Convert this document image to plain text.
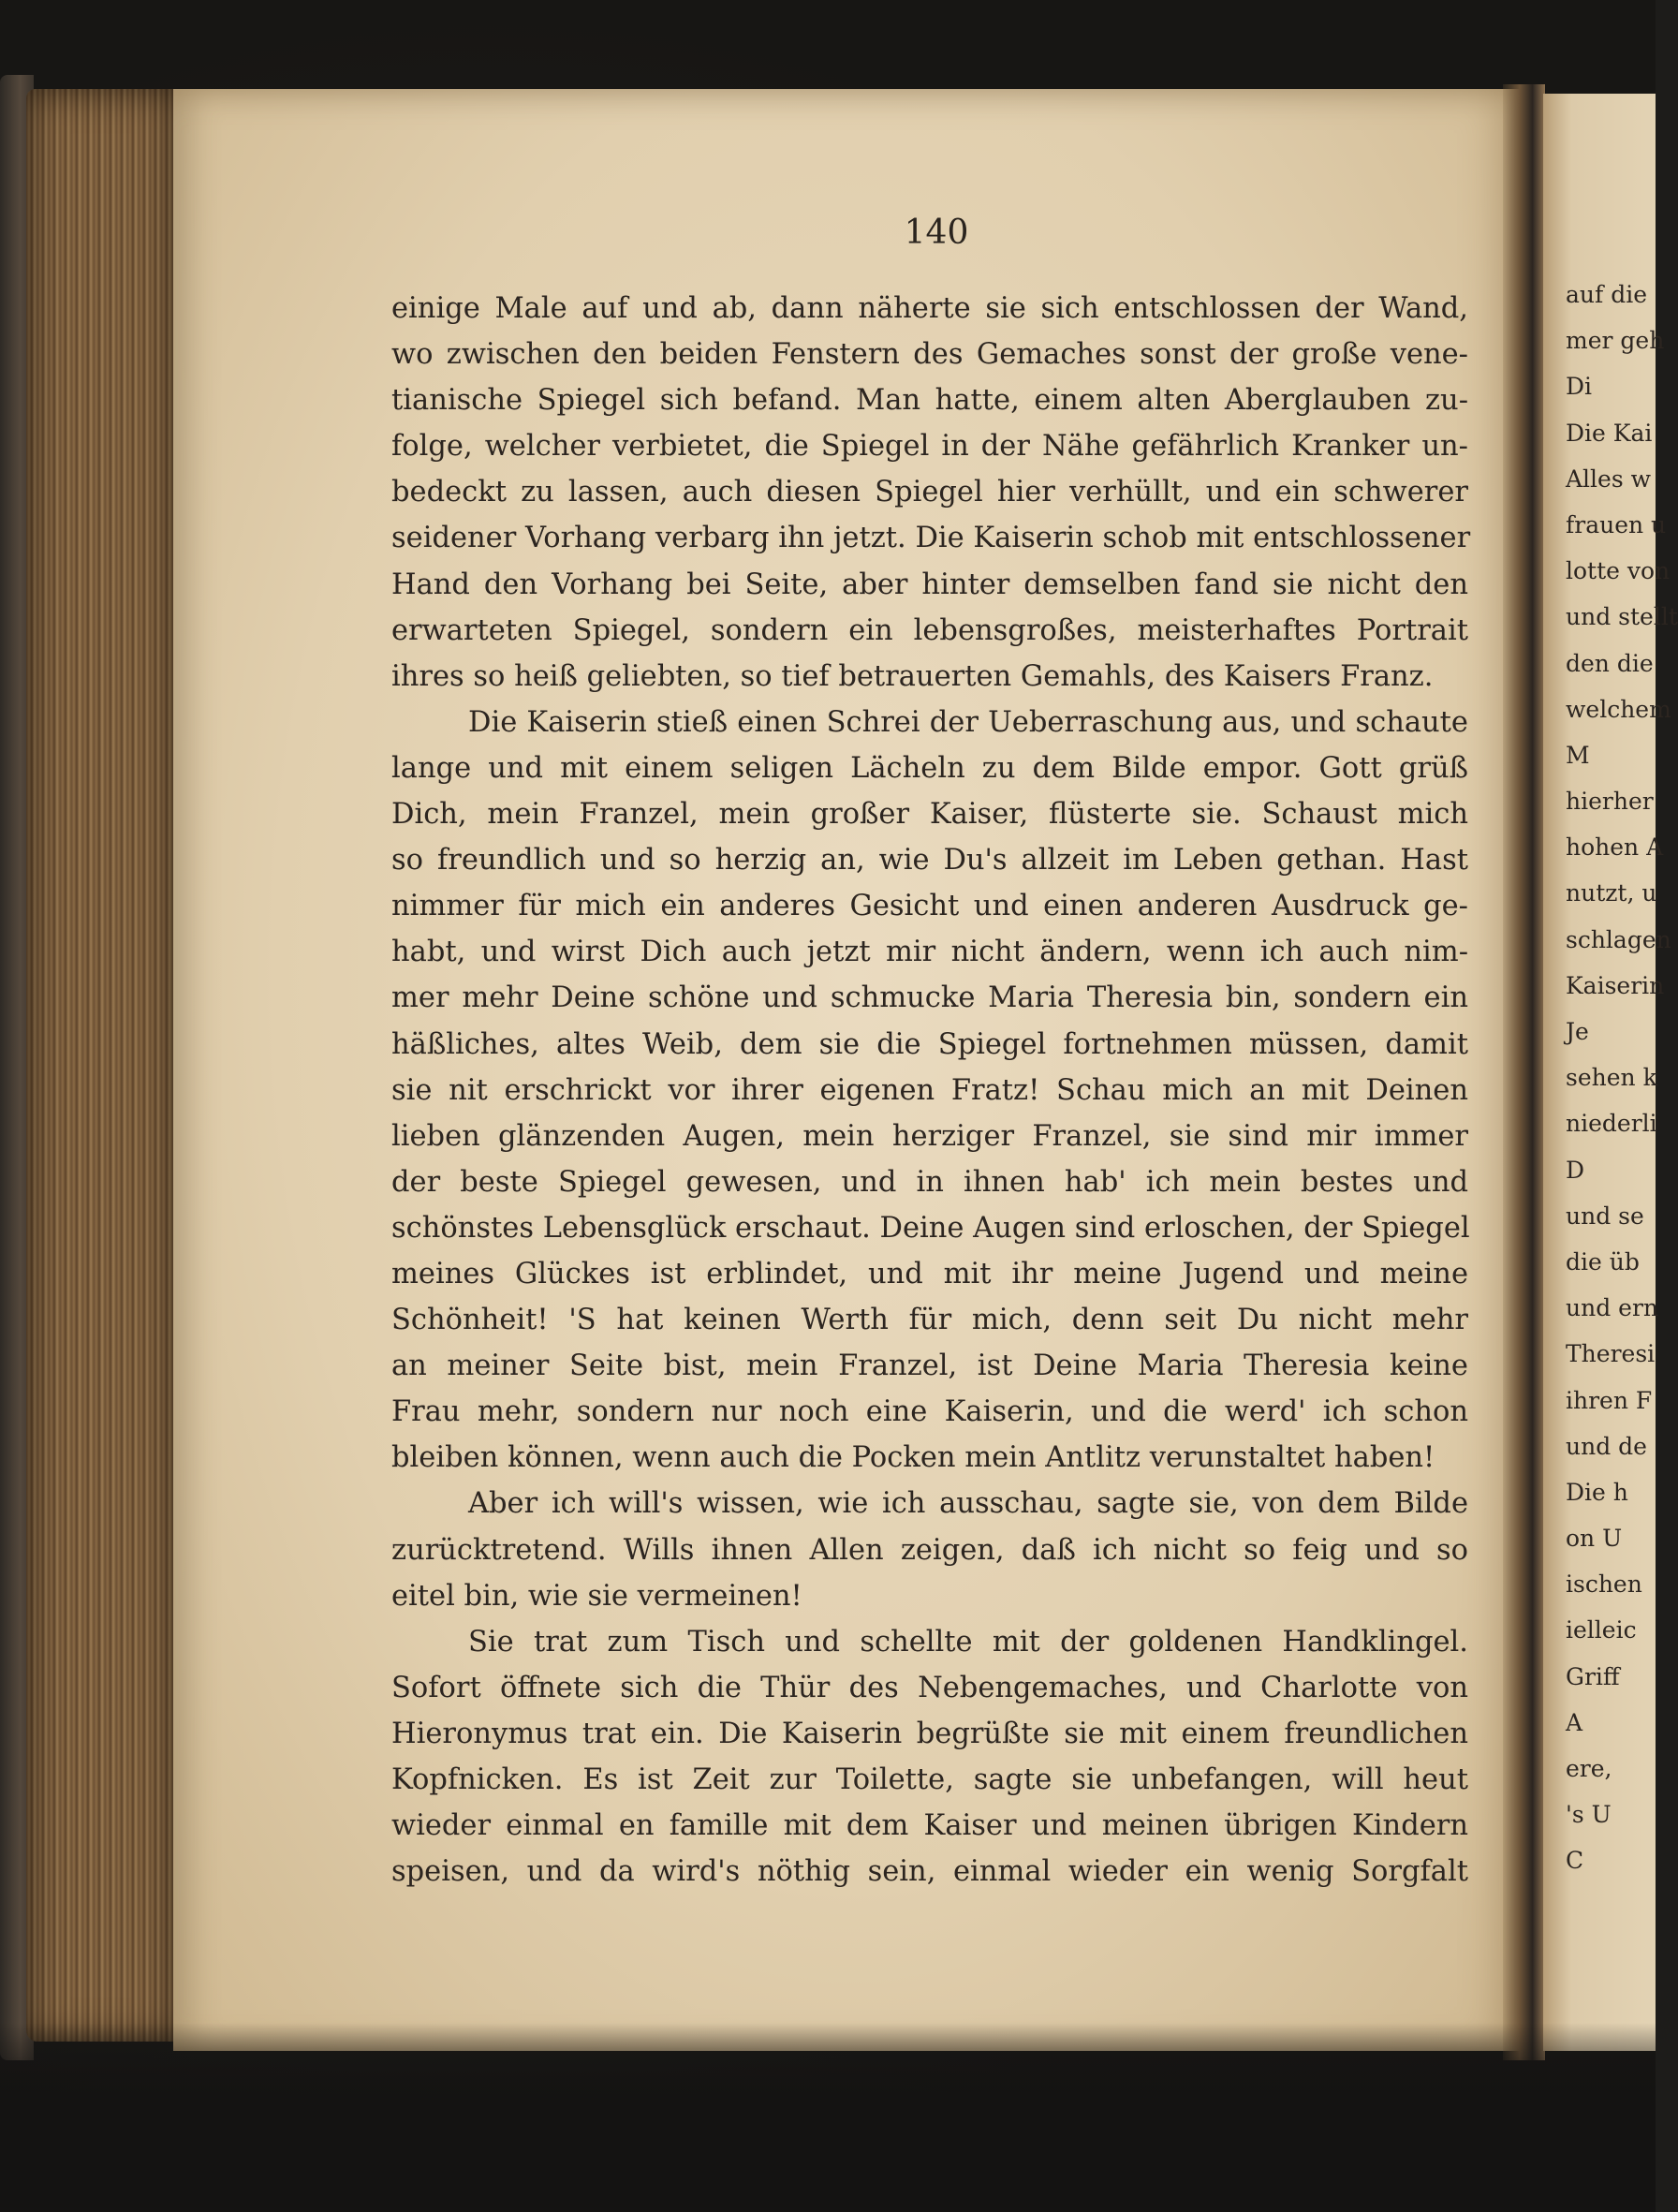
140
einige Male auf und ab, dann näherte sie sich entschlossen der Wand,
wo zwischen den beiden Fenstern des Gemaches sonst der große vene-
tianische Spiegel sich befand. Man hatte, einem alten Aberglauben zu-
folge, welcher verbietet, die Spiegel in der Nähe gefährlich Kranker un-
bedeckt zu lassen, auch diesen Spiegel hier verhüllt, und ein schwerer
seidener Vorhang verbarg ihn jetzt. Die Kaiserin schob mit entschlossener
Hand den Vorhang bei Seite, aber hinter demselben fand sie nicht den
erwarteten Spiegel, sondern ein lebensgroßes, meisterhaftes Portrait
ihres so heiß geliebten, so tief betrauerten Gemahls, des Kaisers Franz.
Die Kaiserin stieß einen Schrei der Ueberraschung aus, und schaute
lange und mit einem seligen Lächeln zu dem Bilde empor. Gott grüß
Dich, mein Franzel, mein großer Kaiser, flüsterte sie. Schaust mich
so freundlich und so herzig an, wie Du's allzeit im Leben gethan. Hast
nimmer für mich ein anderes Gesicht und einen anderen Ausdruck ge-
habt, und wirst Dich auch jetzt mir nicht ändern, wenn ich auch nim-
mer mehr Deine schöne und schmucke Maria Theresia bin, sondern ein
häßliches, altes Weib, dem sie die Spiegel fortnehmen müssen, damit
sie nit erschrickt vor ihrer eigenen Fratz! Schau mich an mit Deinen
lieben glänzenden Augen, mein herziger Franzel, sie sind mir immer
der beste Spiegel gewesen, und in ihnen hab' ich mein bestes und
schönstes Lebensglück erschaut. Deine Augen sind erloschen, der Spiegel
meines Glückes ist erblindet, und mit ihr meine Jugend und meine
Schönheit! 'S hat keinen Werth für mich, denn seit Du nicht mehr
an meiner Seite bist, mein Franzel, ist Deine Maria Theresia keine
Frau mehr, sondern nur noch eine Kaiserin, und die werd' ich schon
bleiben können, wenn auch die Pocken mein Antlitz verunstaltet haben!
Aber ich will's wissen, wie ich ausschau, sagte sie, von dem Bilde
zurücktretend. Wills ihnen Allen zeigen, daß ich nicht so feig und so
eitel bin, wie sie vermeinen!
Sie trat zum Tisch und schellte mit der goldenen Handklingel.
Sofort öffnete sich die Thür des Nebengemaches, und Charlotte von
Hieronymus trat ein. Die Kaiserin begrüßte sie mit einem freundlichen
Kopfnicken. Es ist Zeit zur Toilette, sagte sie unbefangen, will heut
wieder einmal en famille mit dem Kaiser und meinen übrigen Kindern
speisen, und da wird's nöthig sein, einmal wieder ein wenig Sorgfalt
auf die
mer geh
Di
Die Kai
Alles w
frauen u
lotte von
und stellt
den die
welchem
M
hierher
hohen A
nutzt, u
schlagen
Kaiserin
Je
sehen k
niederli
D
und se
die üb
und ern
Theresi
ihren F
und de
Die h
on U
ischen
ielleic
Griff
A
ere,
's U
C
